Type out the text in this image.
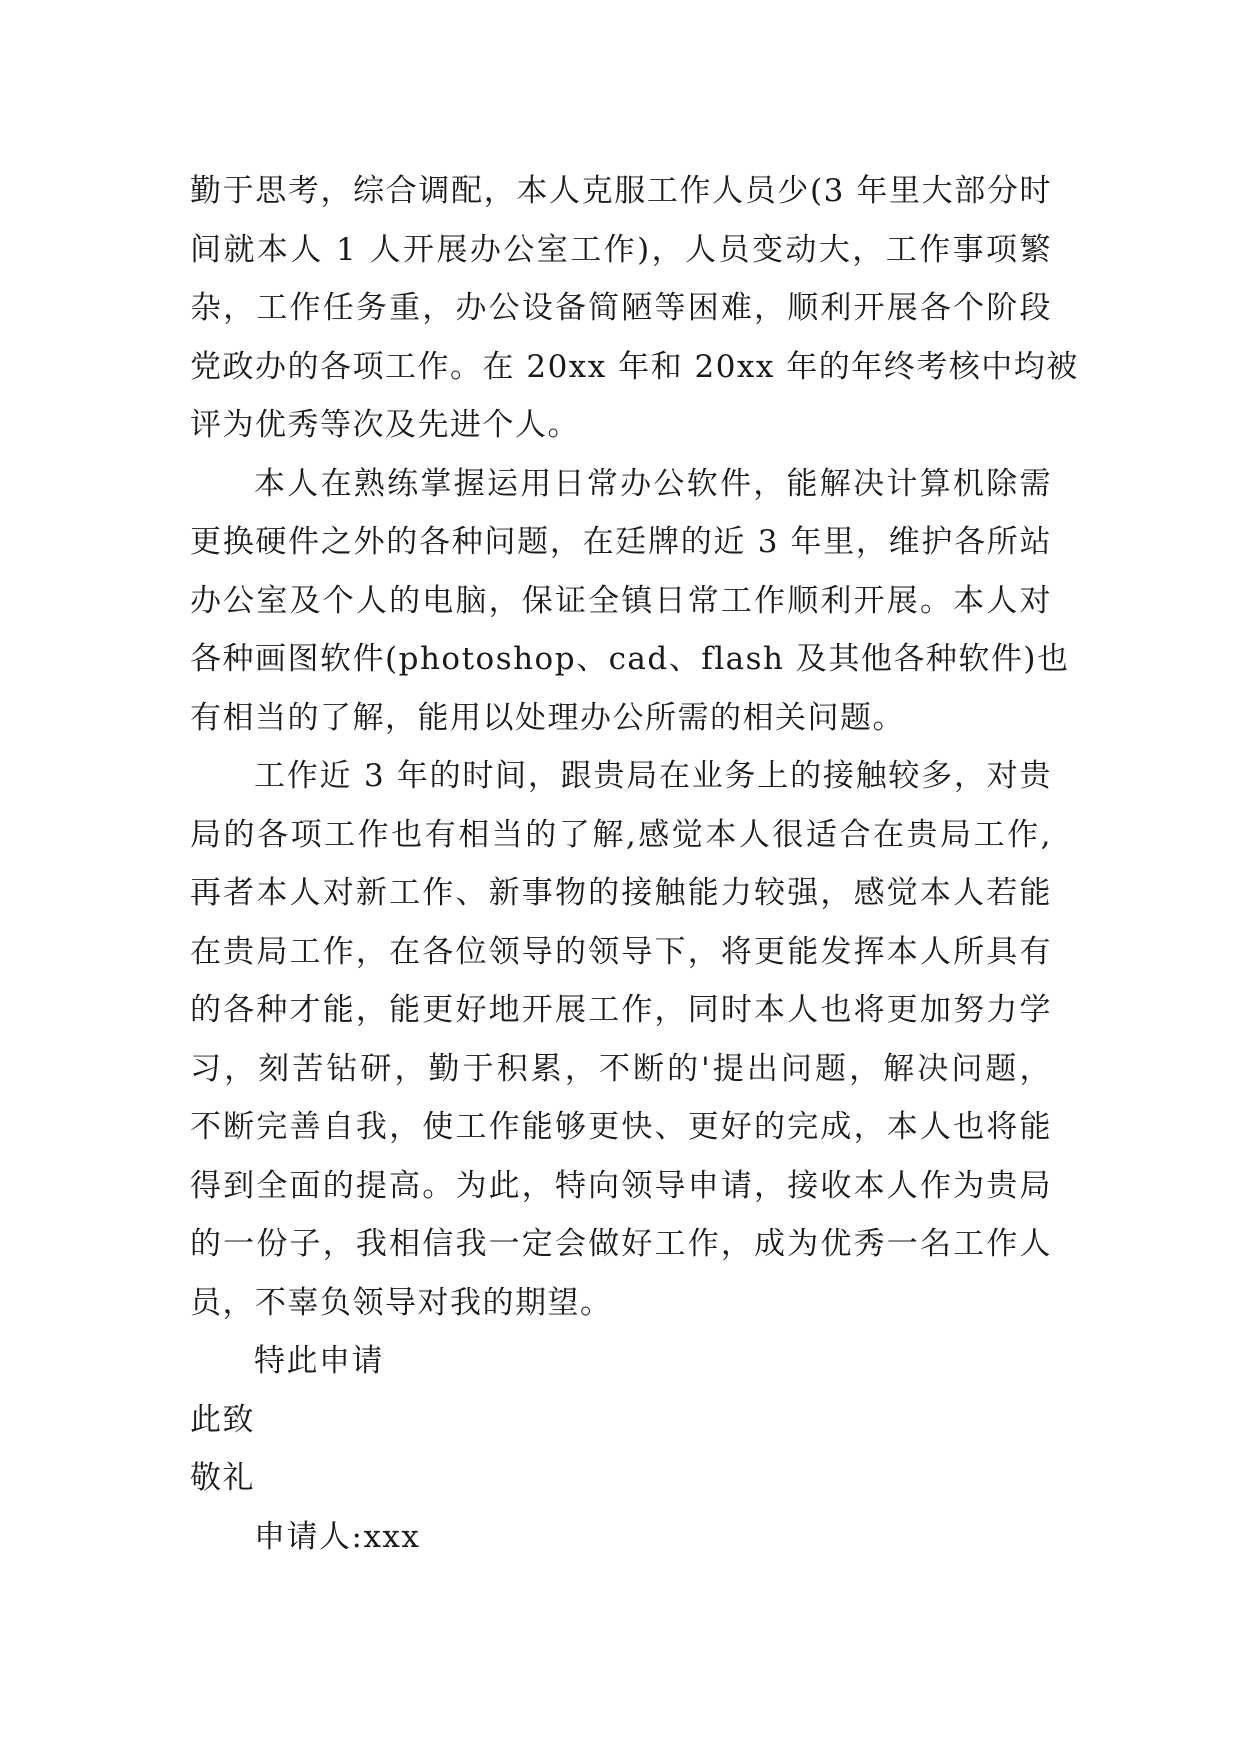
勤于思考，综合调配，本人克服工作人员少(3 年里大部分时
间就本人 1 人开展办公室工作)，人员变动大，工作事项繁
杂，工作任务重，办公设备简陋等困难，顺利开展各个阶段
党政办的各项工作。在 20xx 年和 20xx 年的年终考核中均被
评为优秀等次及先进个人。
本人在熟练掌握运用日常办公软件，能解决计算机除需
更换硬件之外的各种问题，在廷牌的近 3 年里，维护各所站
办公室及个人的电脑，保证全镇日常工作顺利开展。本人对
各种画图软件(photoshop、cad、flash 及其他各种软件)也
有相当的了解，能用以处理办公所需的相关问题。
工作近 3 年的时间，跟贵局在业务上的接触较多，对贵
局的各项工作也有相当的了解,感觉本人很适合在贵局工作,
再者本人对新工作、新事物的接触能力较强，感觉本人若能
在贵局工作，在各位领导的领导下，将更能发挥本人所具有
的各种才能，能更好地开展工作，同时本人也将更加努力学
习，刻苦钻研，勤于积累，不断的'提出问题，解决问题，
不断完善自我，使工作能够更快、更好的完成，本人也将能
得到全面的提高。为此，特向领导申请，接收本人作为贵局
的一份子，我相信我一定会做好工作，成为优秀一名工作人
员，不辜负领导对我的期望。
特此申请
此致
敬礼
申请人:xxx
